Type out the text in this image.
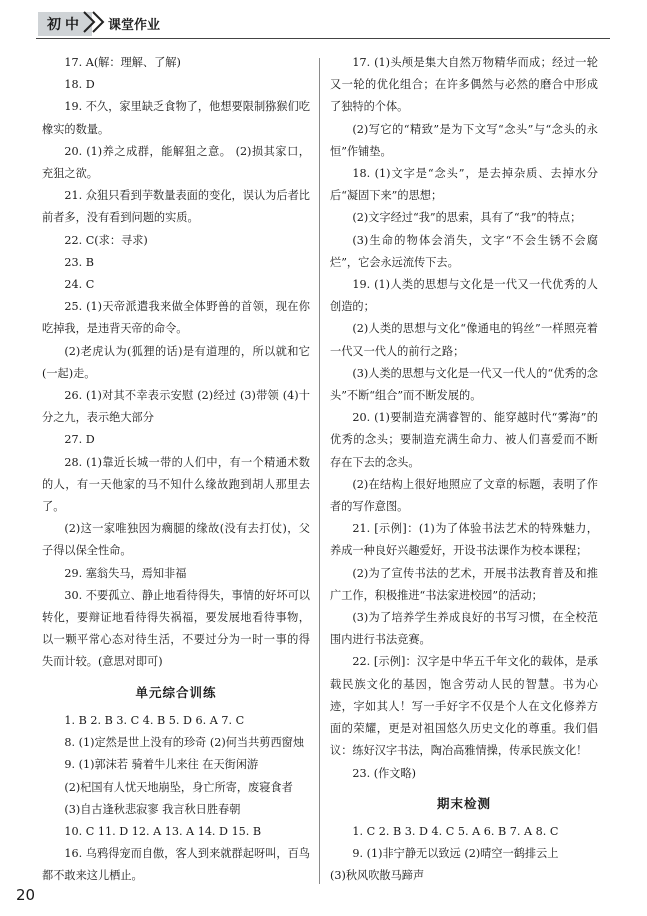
初中	课堂作业
17. A(解：理解、了解)
18. D
19. 不久，家里缺乏食物了，他想要限制猕猴们吃橡实的数量。
20. (1)养之成群，能解狙之意。 (2)损其家口，充狙之欲。
21. 众狙只看到芋数量表面的变化，误认为后者比前者多，没有看到问题的实质。
22. C(求：寻求)
23. B
24. C
25. (1)天帝派遣我来做全体野兽的首领，现在你吃掉我，是违背天帝的命令。
(2)老虎认为(狐狸的话)是有道理的，所以就和它(一起)走。
26. (1)对其不幸表示安慰 (2)经过 (3)带领 (4)十分之九，表示绝大部分
27. D
28. (1)靠近长城一带的人们中，有一个精通术数的人，有一天他家的马不知什么缘故跑到胡人那里去了。
(2)这一家唯独因为瘸腿的缘故(没有去打仗)，父子得以保全性命。
29. 塞翁失马，焉知非福
30. 不要孤立、静止地看待得失，事情的好坏可以转化，要辩证地看待得失祸福，要发展地看待事物，以一颗平常心态对待生活，不要过分为一时一事的得失而计较。(意思对即可)
单元综合训练
1. B 2. B 3. C 4. B 5. D 6. A 7. C
8. (1)定然是世上没有的珍奇 (2)何当共剪西窗烛
9. (1)郭沫若 骑着牛儿来往 在天街闲游
(2)杞国有人忧天地崩坠，身亡所寄，废寝食者
(3)自古逢秋悲寂寥 我言秋日胜春朝
10. C 11. D 12. A 13. A 14. D 15. B
16. 乌鸦得宠而自傲，客人到来就群起呀叫，百鸟都不敢来这儿栖止。
17. (1)头颅是集大自然万物精华而成；经过一轮又一轮的优化组合；在许多偶然与必然的磨合中形成了独特的个体。
(2)写它的“精致”是为下文写“念头”与“念头的永恒”作铺垫。
18. (1)文字是“念头”，是去掉杂质、去掉水分后“凝固下来”的思想；
(2)文字经过“我”的思索，具有了“我”的特点；
(3)生命的物体会消失，文字“不会生锈不会腐烂”，它会永远流传下去。
19. (1)人类的思想与文化是一代又一代优秀的人创造的；
(2)人类的思想与文化“像通电的钨丝”一样照亮着一代又一代人的前行之路；
(3)人类的思想与文化是一代又一代人的“优秀的念头”不断“组合”而不断发展的。
20. (1)要制造充满睿智的、能穿越时代“雾海”的优秀的念头；要制造充满生命力、被人们喜爱而不断存在下去的念头。
(2)在结构上很好地照应了文章的标题，表明了作者的写作意图。
21. [示例]：(1)为了体验书法艺术的特殊魅力，养成一种良好兴趣爱好，开设书法课作为校本课程；
(2)为了宣传书法的艺术，开展书法教育普及和推广工作，积极推进“书法家进校园”的活动；
(3)为了培养学生养成良好的书写习惯，在全校范围内进行书法竞赛。
22. [示例]：汉字是中华五千年文化的载体，是承载民族文化的基因，饱含劳动人民的智慧。书为心迹，字如其人！写一手好字不仅是个人在文化修养方面的荣耀，更是对祖国悠久历史文化的尊重。我们倡议：练好汉字书法，陶冶高雅情操，传承民族文化！
23. (作文略)
期末检测
1. C 2. B 3. D 4. C 5. A 6. B 7. A 8. C
9. (1)非宁静无以致远 (2)晴空一鹤排云上
(3)秋风吹散马蹄声
20
